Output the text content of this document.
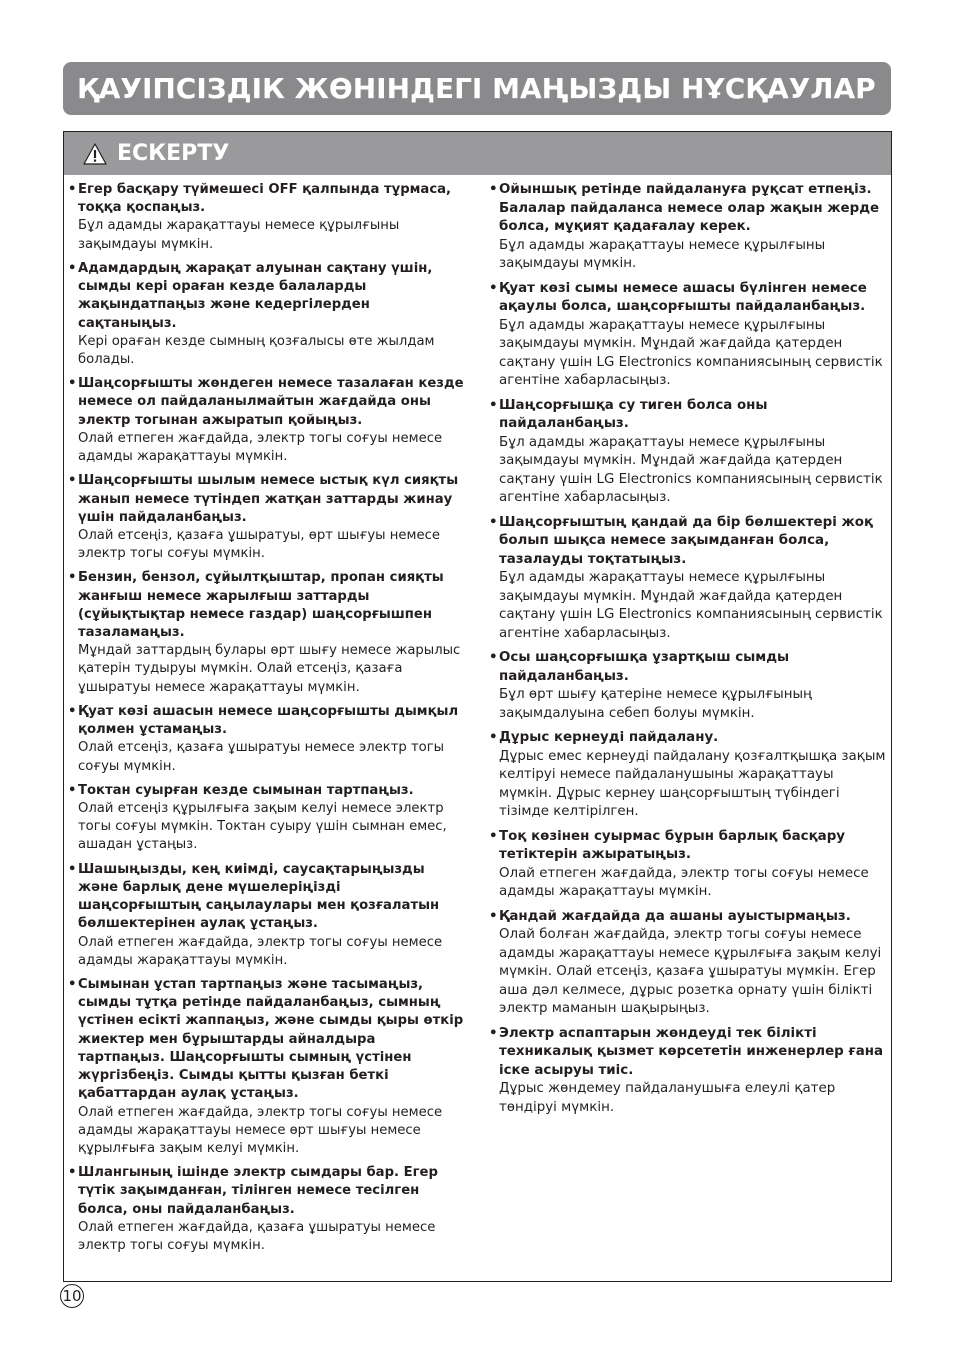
ҚАУІПСІЗДІК ЖӨНІНДЕГІ МАҢЫЗДЫ НҰСҚАУЛАР
ЕСКЕРТУ
• Егер басқару түймешесі OFF қалпында тұрмаса, тоққа қоспаңыз.
Бұл адамды жарақаттауы немесе құрылғыны зақымдауы мүмкін.
• Адамдардың жарақат алуынан сақтану үшін, сымды кері ораған кезде балаларды жақындатпаңыз және кедергілерден сақтаныңыз.
Кері ораған кезде сымның қозғалысы өте жылдам болады.
• Шаңсорғышты жөндеген немесе тазалаған кезде немесе ол пайдаланылмайтын жағдайда оны электр тогынан ажыратып қойыңыз.
Олай етпеген жағдайда, электр тогы соғуы немесе адамды жарақаттауы мүмкін.
• Шаңсорғышты шылым немесе ыстық күл сияқты жанып немесе түтіндеп жатқан заттарды жинау үшін пайдаланбаңыз.
Олай етсеңіз, қазаға ұшыратуы, өрт шығуы немесе электр тогы соғуы мүмкін.
• Бензин, бензол, сұйылтқыштар, пропан сияқты жанғыш немесе жарылғыш заттарды (сұйықтықтар немесе газдар) шаңсорғышпен тазаламаңыз.
Мұндай заттардың булары өрт шығу немесе жарылыс қатерін тудыруы мүмкін. Олай етсеңіз, қазаға ұшыратуы немесе жарақаттауы мүмкін.
• Қуат көзі ашасын немесе шаңсорғышты дымқыл қолмен ұстамаңыз.
Олай етсеңіз, қазаға ұшыратуы немесе электр тогы соғуы мүмкін.
• Токтан суырған кезде сымынан тартпаңыз.
Олай етсеңіз құрылғыға зақым келуі немесе электр тогы соғуы мүмкін. Токтан суыру үшін сымнан емес, ашадан ұстаңыз.
• Шашыңызды, кең киімді, саусақтарыңызды және барлық дене мүшелеріңізді шаңсорғыштың саңылаулары мен қозғалатын бөлшектерінен аулақ ұстаңыз.
Олай етпеген жағдайда, электр тогы соғуы немесе адамды жарақаттауы мүмкін.
• Сымынан ұстап тартпаңыз және тасымаңыз, сымды тұтқа ретінде пайдаланбаңыз, сымның үстінен есікті жаппаңыз, және сымды қыры өткір жиектер мен бұрыштарды айналдыра тартпаңыз. Шаңсорғышты сымның үстінен жүргізбеңіз. Сымды қытты қызған беткі қабаттардан аулақ ұстаңыз.
Олай етпеген жағдайда, электр тогы соғуы немесе адамды жарақаттауы немесе өрт шығуы немесе құрылғыға зақым келуі мүмкін.
• Шлангының ішінде электр сымдары бар. Егер түтік зақымданған, тілінген немесе тесілген болса, оны пайдаланбаңыз.
Олай етпеген жағдайда, қазаға ұшыратуы немесе электр тогы соғуы мүмкін.
• Ойыншық ретінде пайдалануға рұқсат етпеңіз. Балалар пайдаланса немесе олар жақын жерде болса, мұқият қадағалау керек.
Бұл адамды жарақаттауы немесе құрылғыны зақымдауы мүмкін.
• Қуат көзі сымы немесе ашасы бүлінген немесе ақаулы болса, шаңсорғышты пайдаланбаңыз.
Бұл адамды жарақаттауы немесе құрылғыны зақымдауы мүмкін. Мұндай жағдайда қатерден сақтану үшін LG Electronics компаниясының сервистік агентіне хабарласыңыз.
• Шаңсорғышқа су тиген болса оны пайдаланбаңыз.
Бұл адамды жарақаттауы немесе құрылғыны зақымдауы мүмкін. Мұндай жағдайда қатерден сақтану үшін LG Electronics компаниясының сервистік агентіне хабарласыңыз.
• Шаңсорғыштың қандай да бір бөлшектері жоқ болып шықса немесе зақымданған болса, тазалауды тоқтатыңыз.
Бұл адамды жарақаттауы немесе құрылғыны зақымдауы мүмкін. Мұндай жағдайда қатерден сақтану үшін LG Electronics компаниясының сервистік агентіне хабарласыңыз.
• Осы шаңсорғышқа ұзартқыш сымды пайдаланбаңыз.
Бұл өрт шығу қатеріне немесе құрылғының зақымдалуына себеп болуы мүмкін.
• Дұрыс кернеуді пайдалану.
Дұрыс емес кернеуді пайдалану қозғалтқышқа зақым келтіруі немесе пайдаланушыны жарақаттауы мүмкін. Дұрыс кернеу шаңсорғыштың түбіндегі тізімде келтірілген.
• Тоқ көзінен суырмас бұрын барлық басқару тетіктерін ажыратыңыз.
Олай етпеген жағдайда, электр тогы соғуы немесе адамды жарақаттауы мүмкін.
• Қандай жағдайда да ашаны ауыстырмаңыз.
Олай болған жағдайда, электр тогы соғуы немесе адамды жарақаттауы немесе құрылғыға зақым келуі мүмкін. Олай етсеңіз, қазаға ұшыратуы мүмкін. Егер аша дәл келмесе, дұрыс розетка орнату үшін білікті электр маманын шақырыңыз.
• Электр аспаптарын жөндеуді тек білікті техникалық қызмет көрсететін инженерлер ғана іске асыруы тиіс.
Дұрыс жөндемеу пайдаланушыға елеулі қатер төндіруі мүмкін.
10
